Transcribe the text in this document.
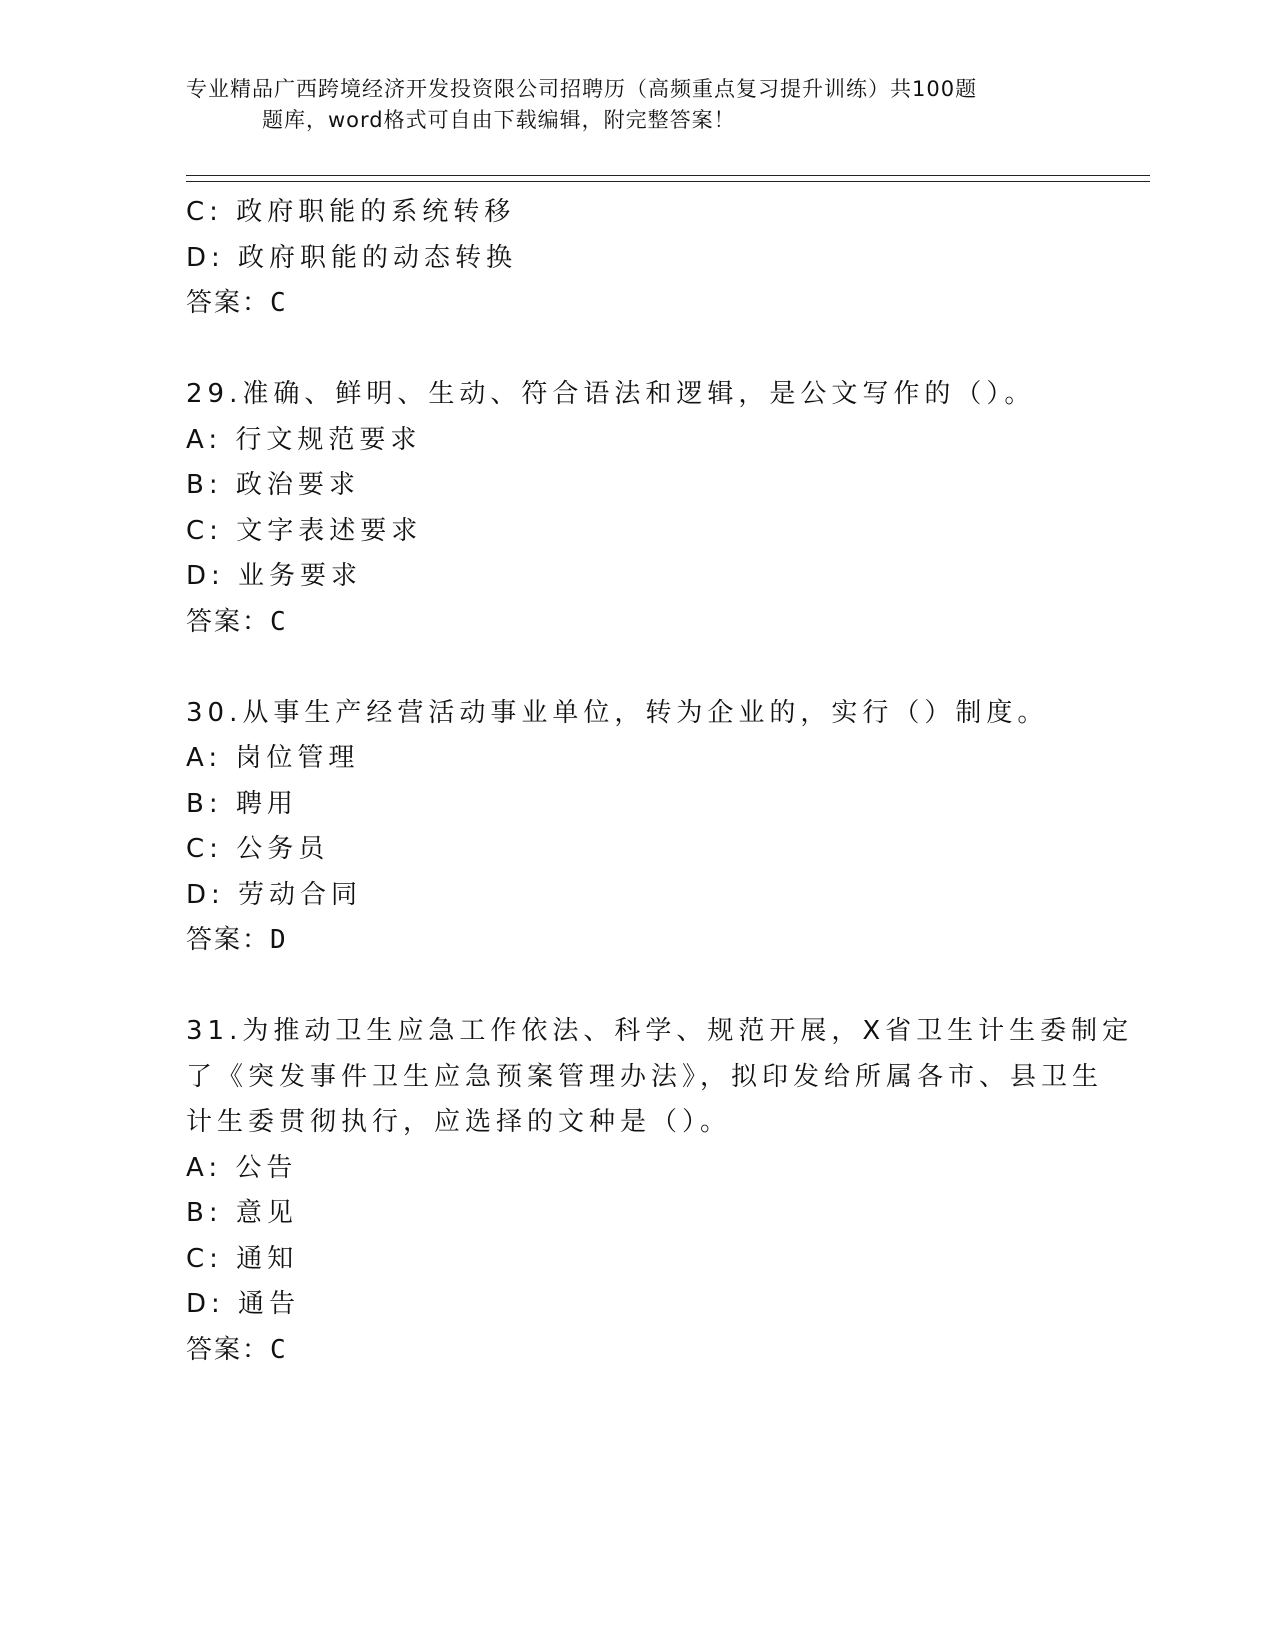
专业精品广西跨境经济开发投资限公司招聘历（高频重点复习提升训练）共100题
题库，word格式可自由下载编辑，附完整答案！
C: 政府职能的系统转移
D: 政府职能的动态转换
答案：C
29.准确、鲜明、生动、符合语法和逻辑，是公文写作的（）。
A: 行文规范要求
B: 政治要求
C: 文字表述要求
D: 业务要求
答案：C
30.从事生产经营活动事业单位，转为企业的，实行（）制度。
A: 岗位管理
B: 聘用
C: 公务员
D: 劳动合同
答案：D
31.为推动卫生应急工作依法、科学、规范开展，X省卫生计生委制定
了《突发事件卫生应急预案管理办法》，拟印发给所属各市、县卫生
计生委贯彻执行，应选择的文种是（）。
A: 公告
B: 意见
C: 通知
D: 通告
答案：C
